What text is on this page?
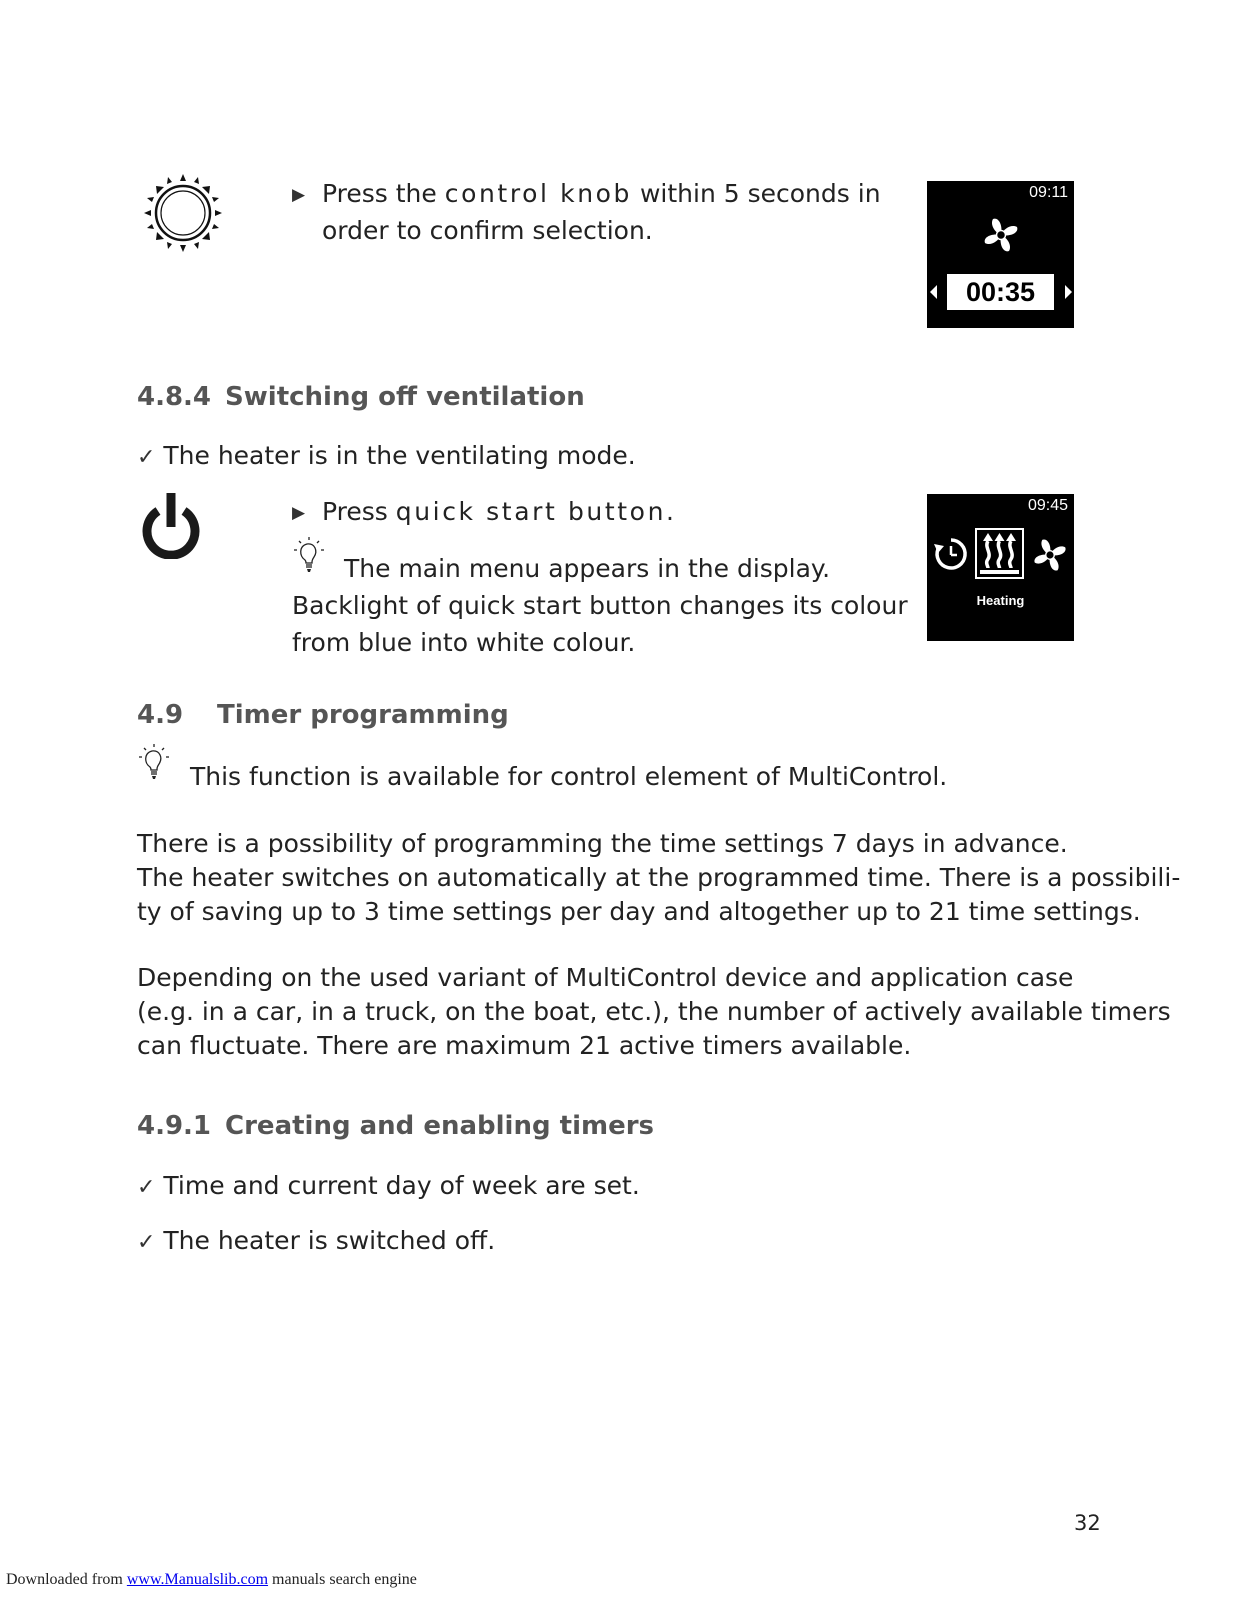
▶ Press the control knob within 5 seconds in
order to confirm selection.
09:11
00:35
4.8.4 Switching off ventilation
✓ The heater is in the ventilating mode.
▶ Press quick start button.
The main menu appears in the display.
Backlight of quick start button changes its colour
from blue into white colour.
09:45
Heating
4.9 Timer programming
This function is available for control element of MultiControl.
There is a possibility of programming the time settings 7 days in advance.
The heater switches on automatically at the programmed time. There is a possibili-
ty of saving up to 3 time settings per day and altogether up to 21 time settings.
Depending on the used variant of MultiControl device and application case
(e.g. in a car, in a truck, on the boat, etc.), the number of actively available timers
can fluctuate. There are maximum 21 active timers available.
4.9.1 Creating and enabling timers
✓ Time and current day of week are set.
✓ The heater is switched off.
32
Downloaded from www.Manualslib.com manuals search engine
